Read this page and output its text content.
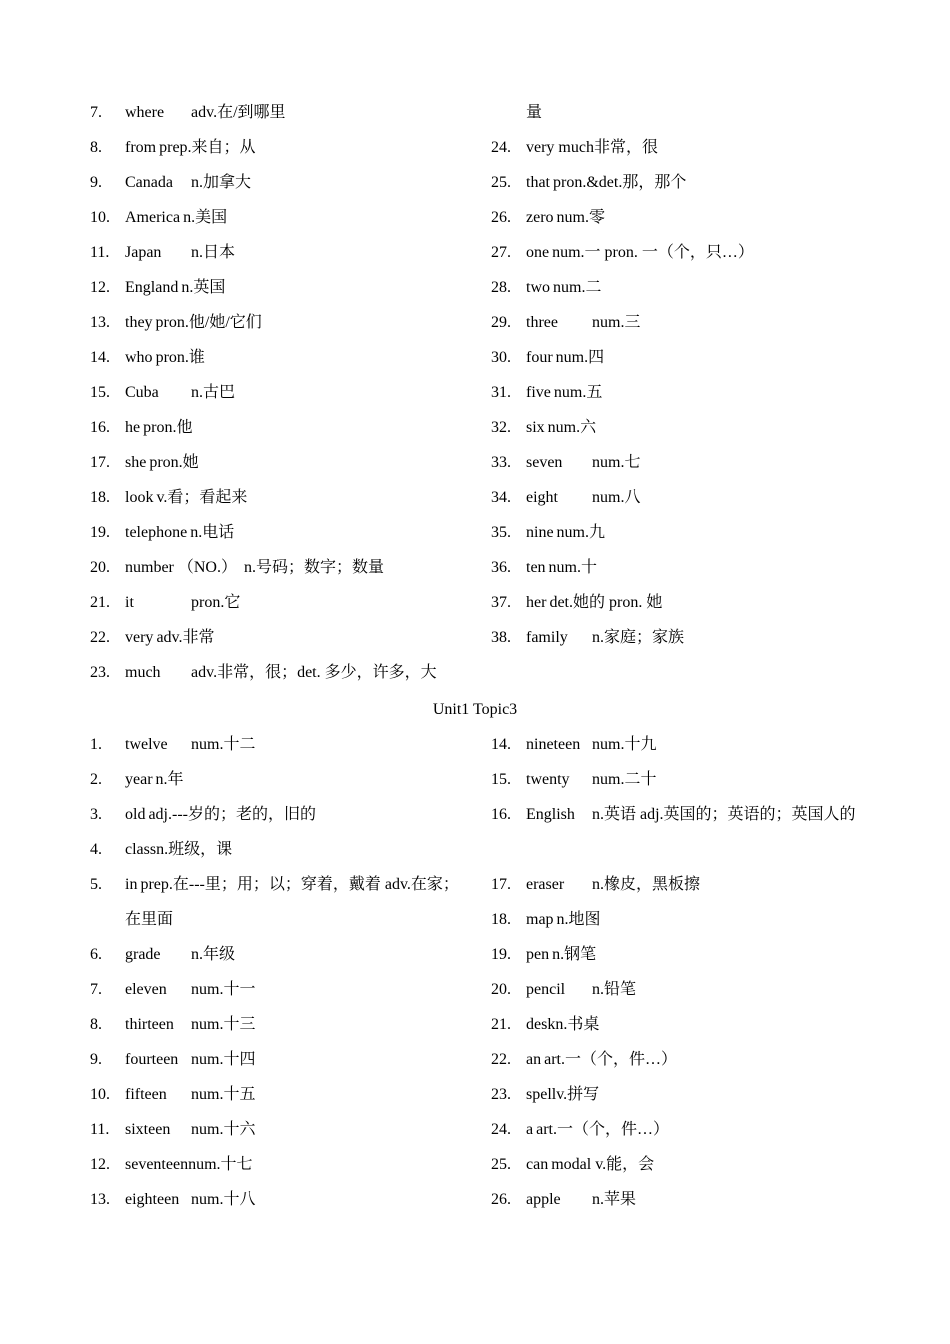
7. where adv.在/到哪里
8. from prep.来自；从
9. Canada n.加拿大
10. America n.美国
11. Japan n.日本
12. England n.英国
13. they pron.他/她/它们
14. who pron.谁
15. Cuba n.古巴
16. he pron.他
17. she pron.她
18. look v.看；看起来
19. telephone n.电话
20. number （NO.） n.号码；数字；数量
21. it	pron.它
22. very adv.非常
23. much adv.非常，很；det. 多少，许多，大
量
24. very much非常，很
25. that pron.&det.那，那个
26. zero num.零
27. one num.一 pron. 一（个，只…）
28. two num.二
29. three num.三
30. four num.四
31. five num.五
32. six num.六
33. seven num.七
34. eight num.八
35. nine num.九
36. ten num.十
37. her det.她的 pron. 她
38. family n.家庭；家族
Unit1 Topic3
1. twelve num.十二
2. year n.年
3. old adj.---岁的；老的，旧的
4. classn.班级，课
5. in prep.在---里；用；以；穿着，戴着 adv.在家； 在里面
6. grade n.年级
7. eleven num.十一
8. thirteen num.十三
9. fourteen num.十四
10. fifteen num.十五
11. sixteen num.十六
12. seventeennum.十七
13. eighteen num.十八
14. nineteen num.十九
15. twenty num.二十
16. English n.英语 adj.英国的；英语的；英国人的
17. eraser n.橡皮，黑板擦
18. map n.地图
19. pen n.钢笔
20. pencil n.铅笔
21. deskn.书桌
22. an art.一（个，件…）
23. spellv.拼写
24. a art.一（个，件…）
25. can modal v.能，会
26. apple n.苹果
